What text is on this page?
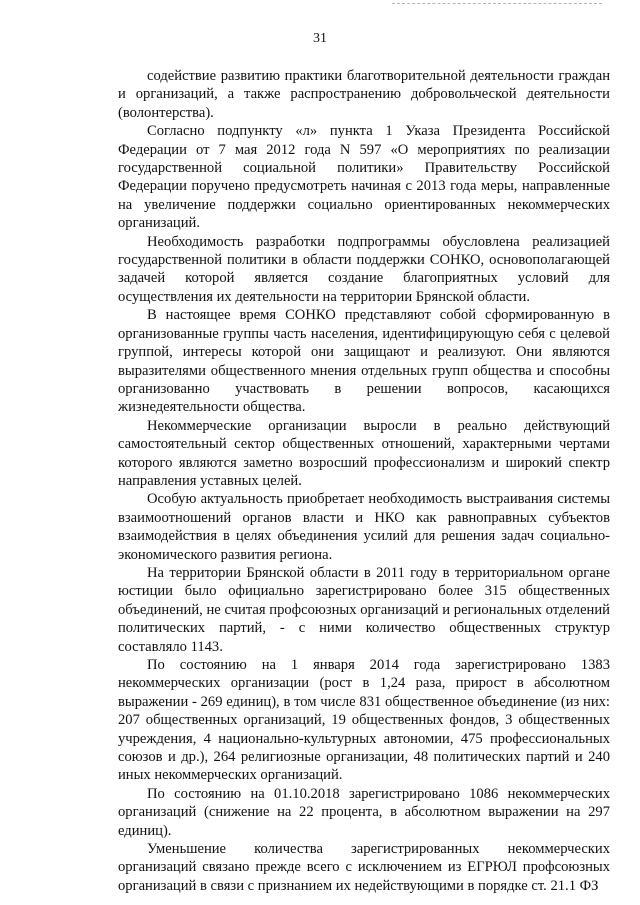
31

содействие развитию практики благотворительной деятельности граждан и организаций, а также распространению добровольческой деятельности (волонтерства).

Согласно подпункту «л» пункта 1 Указа Президента Российской Федерации от 7 мая 2012 года N 597 «О мероприятиях по реализации государственной социальной политики» Правительству Российской Федерации поручено предусмотреть начиная с 2013 года меры, направленные на увеличение поддержки социально ориентированных некоммерческих организаций.

Необходимость разработки подпрограммы обусловлена реализацией государственной политики в области поддержки СОНКО, основополагающей задачей которой является создание благоприятных условий для осуществления их деятельности на территории Брянской области.

В настоящее время СОНКО представляют собой сформированную в организованные группы часть населения, идентифицирующую себя с целевой группой, интересы которой они защищают и реализуют. Они являются выразителями общественного мнения отдельных групп общества и способны организованно участвовать в решении вопросов, касающихся жизнедеятельности общества.

Некоммерческие организации выросли в реально действующий самостоятельный сектор общественных отношений, характерными чертами которого являются заметно возросший профессионализм и широкий спектр направления уставных целей.

Особую актуальность приобретает необходимость выстраивания системы взаимоотношений органов власти и НКО как равноправных субъектов взаимодействия в целях объединения усилий для решения задач социально-экономического развития региона.

На территории Брянской области в 2011 году в территориальном органе юстиции было официально зарегистрировано более 315 общественных объединений, не считая профсоюзных организаций и региональных отделений политических партий, - с ними количество общественных структур составляло 1143.

По состоянию на 1 января 2014 года зарегистрировано 1383 некоммерческих организации (рост в 1,24 раза, прирост в абсолютном выражении - 269 единиц), в том числе 831 общественное объединение (из них: 207 общественных организаций, 19 общественных фондов, 3 общественных учреждения, 4 национально-культурных автономии, 475 профессиональных союзов и др.), 264 религиозные организации, 48 политических партий и 240 иных некоммерческих организаций.

По состоянию на 01.10.2018 зарегистрировано 1086 некоммерческих организаций (снижение на 22 процента, в абсолютном выражении на 297 единиц).

Уменьшение количества зарегистрированных некоммерческих организаций связано прежде всего с исключением из ЕГРЮЛ профсоюзных организаций в связи с признанием их недействующими в порядке ст. 21.1 ФЗ
